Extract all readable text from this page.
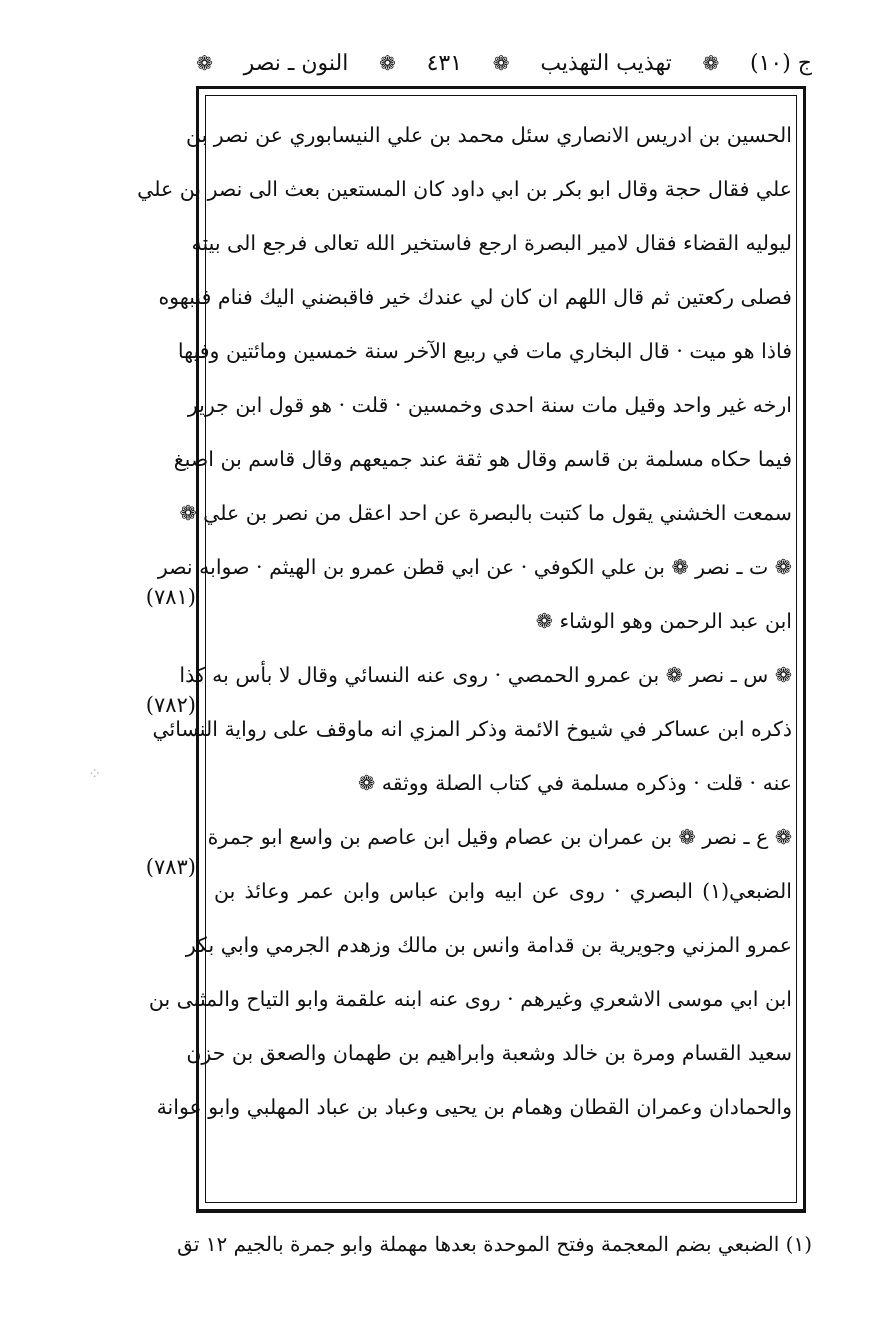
ج (١٠)
❁
تهذيب التهذيب
❁
٤٣١
❁
النون ـ نصر
❁
الحسين بن ادريس الانصاري سئل محمد بن علي النيسابوري عن نصر بن
علي فقال حجة وقال ابو بكر بن ابي داود كان المستعين بعث الى نصر بن علي
ليوليه القضاء فقال لامير البصرة ارجع فاستخير الله تعالى فرجع الى بيته
فصلى ركعتين ثم قال اللهم ان كان لي عندك خير فاقبضني اليك فنام فنبهوه
فاذا هو ميت · قال البخاري مات في ربيع الآخر سنة خمسين ومائتين وفيها
ارخه غير واحد وقيل مات سنة احدى وخمسين · قلت · هو قول ابن جرير
فيما حكاه مسلمة بن قاسم وقال هو ثقة عند جميعهم وقال قاسم بن اصبغ
سمعت الخشني يقول ما كتبت بالبصرة عن احد اعقل من نصر بن علي ❁
❁ ت ـ نصر ❁ بن علي الكوفي · عن ابي قطن عمرو بن الهيثم · صوابه نصر
ابن عبد الرحمن وهو الوشاء ❁
❁ س ـ نصر ❁ بن عمرو الحمصي · روى عنه النسائي وقال لا بأس به كذا
ذكره ابن عساكر في شيوخ الائمة وذكر المزي انه ماوقف على رواية النسائي
عنه · قلت · وذكره مسلمة في كتاب الصلة ووثقه ❁
❁ ع ـ نصر ❁ بن عمران بن عصام وقيل ابن عاصم بن واسع ابو جمرة
الضبعي(١) البصري · روى عن ابيه وابن عباس وابن عمر وعائذ بن
عمرو المزني وجويرية بن قدامة وانس بن مالك وزهدم الجرمي وابي بكر
ابن ابي موسى الاشعري وغيرهم · روى عنه ابنه علقمة وابو التياح والمثنى بن
سعيد القسام ومرة بن خالد وشعبة وابراهيم بن طهمان والصعق بن حزن
والحمادان وعمران القطان وهمام بن يحيى وعباد بن عباد المهلبي وابو عوانة
(٧٨١)
(٧٨٢)
(٧٨٣)
⁘
(١) الضبعي بضم المعجمة وفتح الموحدة بعدها مهملة وابو جمرة بالجيم ١٢ تق
